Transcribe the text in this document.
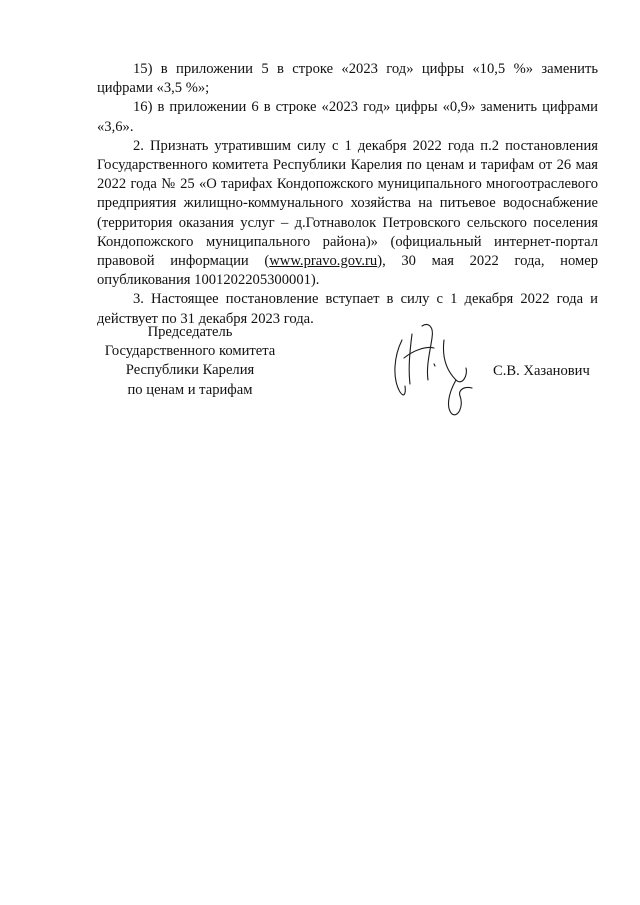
15) в приложении 5 в строке «2023 год» цифры «10,5 %» заменить цифрами «3,5 %»;

16) в приложении 6 в строке «2023 год» цифры «0,9» заменить цифрами «3,6».

2. Признать утратившим силу с 1 декабря 2022 года п.2 постановления Государственного комитета Республики Карелия по ценам и тарифам от 26 мая 2022 года № 25 «О тарифах Кондопожского муниципального многоотраслевого предприятия жилищно-коммунального хозяйства на питьевое водоснабжение (территория оказания услуг – д.Готнаволок Петровского сельского поселения Кондопожского муниципального района)» (официальный интернет-портал правовой информации (www.pravo.gov.ru), 30 мая 2022 года, номер опубликования 1001202205300001).

3. Настоящее постановление вступает в силу с 1 декабря 2022 года и действует по 31 декабря 2023 года.

Председатель
Государственного комитета
Республики Карелия
по ценам и тарифам
С.В. Хазанович
